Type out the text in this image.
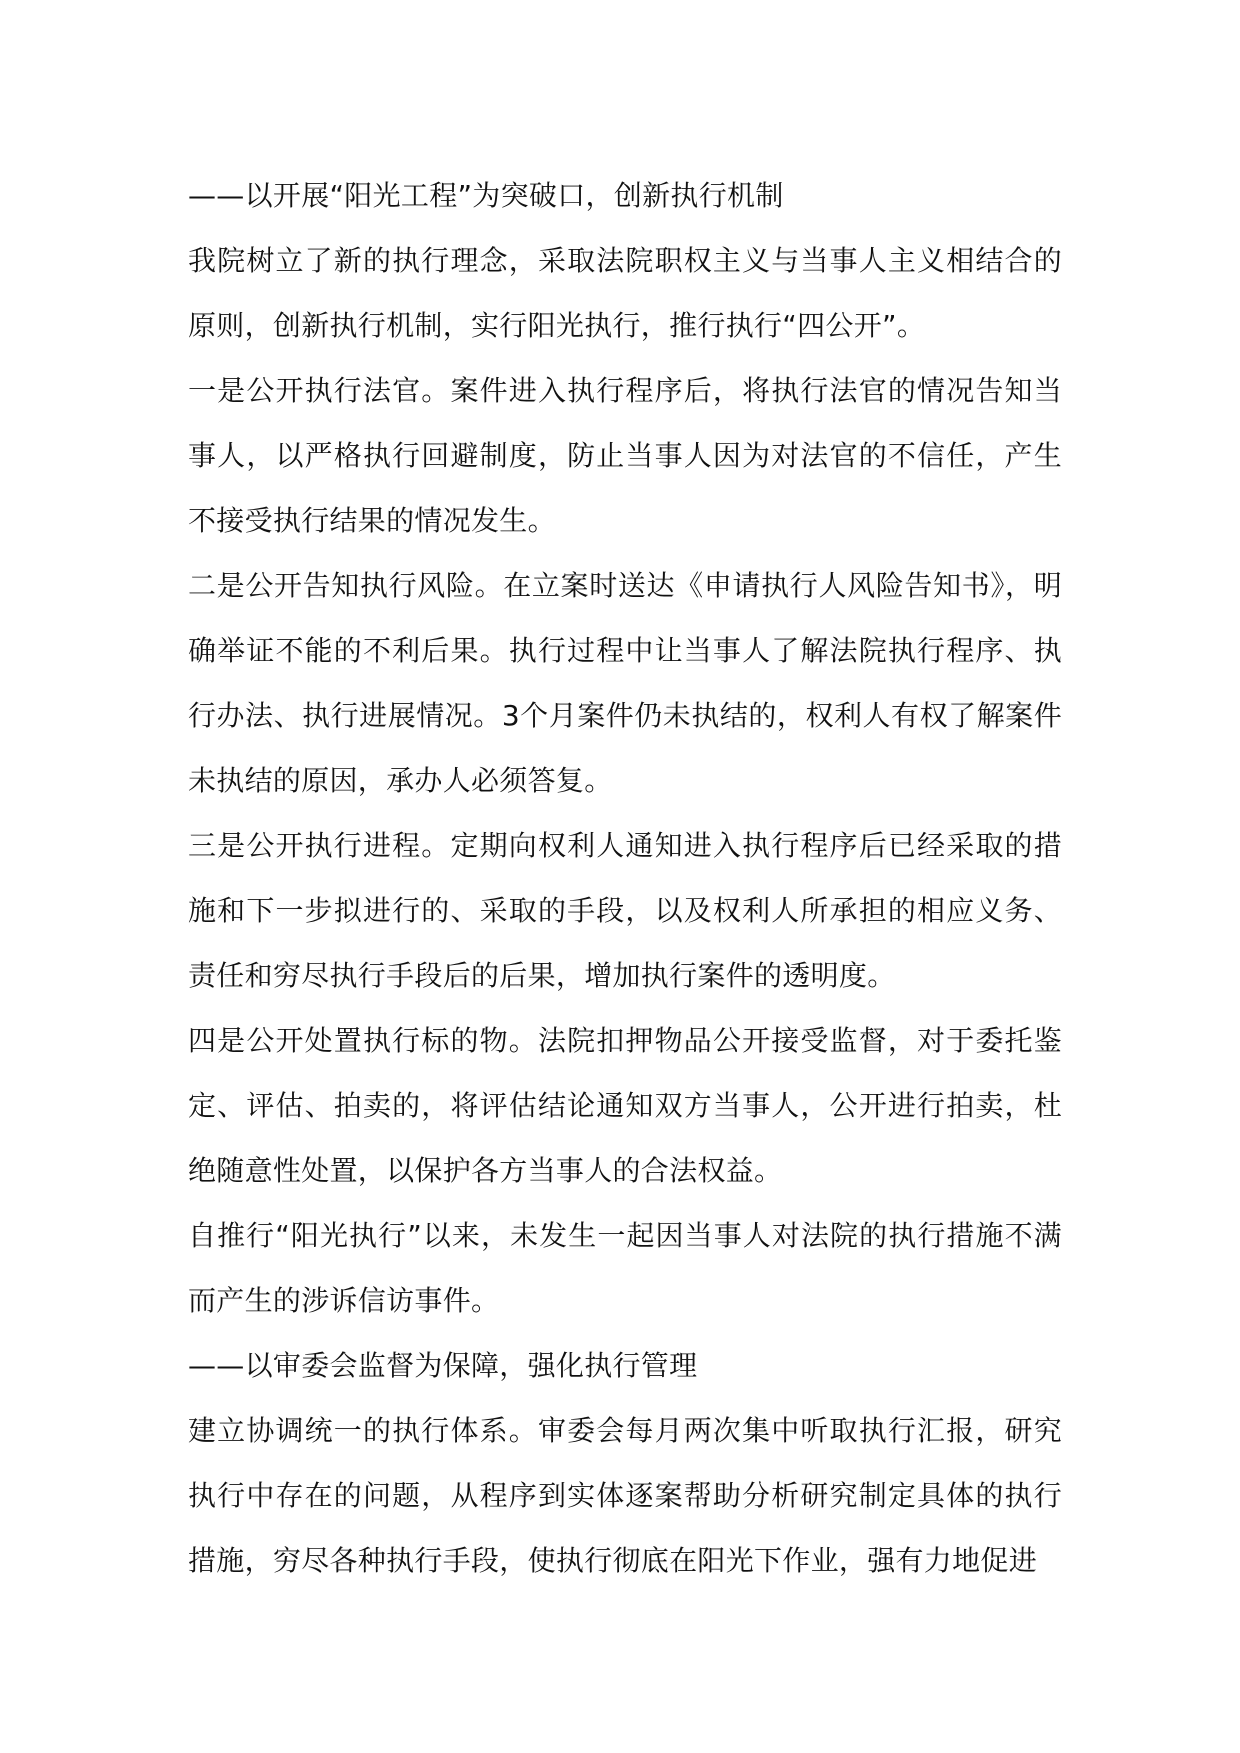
——以开展“阳光工程”为突破口，创新执行机制

我院树立了新的执行理念，采取法院职权主义与当事人主义相结合的原则，创新执行机制，实行阳光执行，推行执行“四公开”。

一是公开执行法官。案件进入执行程序后，将执行法官的情况告知当事人，以严格执行回避制度，防止当事人因为对法官的不信任，产生不接受执行结果的情况发生。

二是公开告知执行风险。在立案时送达《申请执行人风险告知书》，明确举证不能的不利后果。执行过程中让当事人了解法院执行程序、执行办法、执行进展情况。3个月案件仍未执结的，权利人有权了解案件未执结的原因，承办人必须答复。

三是公开执行进程。定期向权利人通知进入执行程序后已经采取的措施和下一步拟进行的、采取的手段，以及权利人所承担的相应义务、责任和穷尽执行手段后的后果，增加执行案件的透明度。

四是公开处置执行标的物。法院扣押物品公开接受监督，对于委托鉴定、评估、拍卖的，将评估结论通知双方当事人，公开进行拍卖，杜绝随意性处置，以保护各方当事人的合法权益。

自推行“阳光执行”以来，未发生一起因当事人对法院的执行措施不满而产生的涉诉信访事件。

——以审委会监督为保障，强化执行管理

建立协调统一的执行体系。审委会每月两次集中听取执行汇报，研究执行中存在的问题，从程序到实体逐案帮助分析研究制定具体的执行措施，穷尽各种执行手段，使执行彻底在阳光下作业，强有力地促进
